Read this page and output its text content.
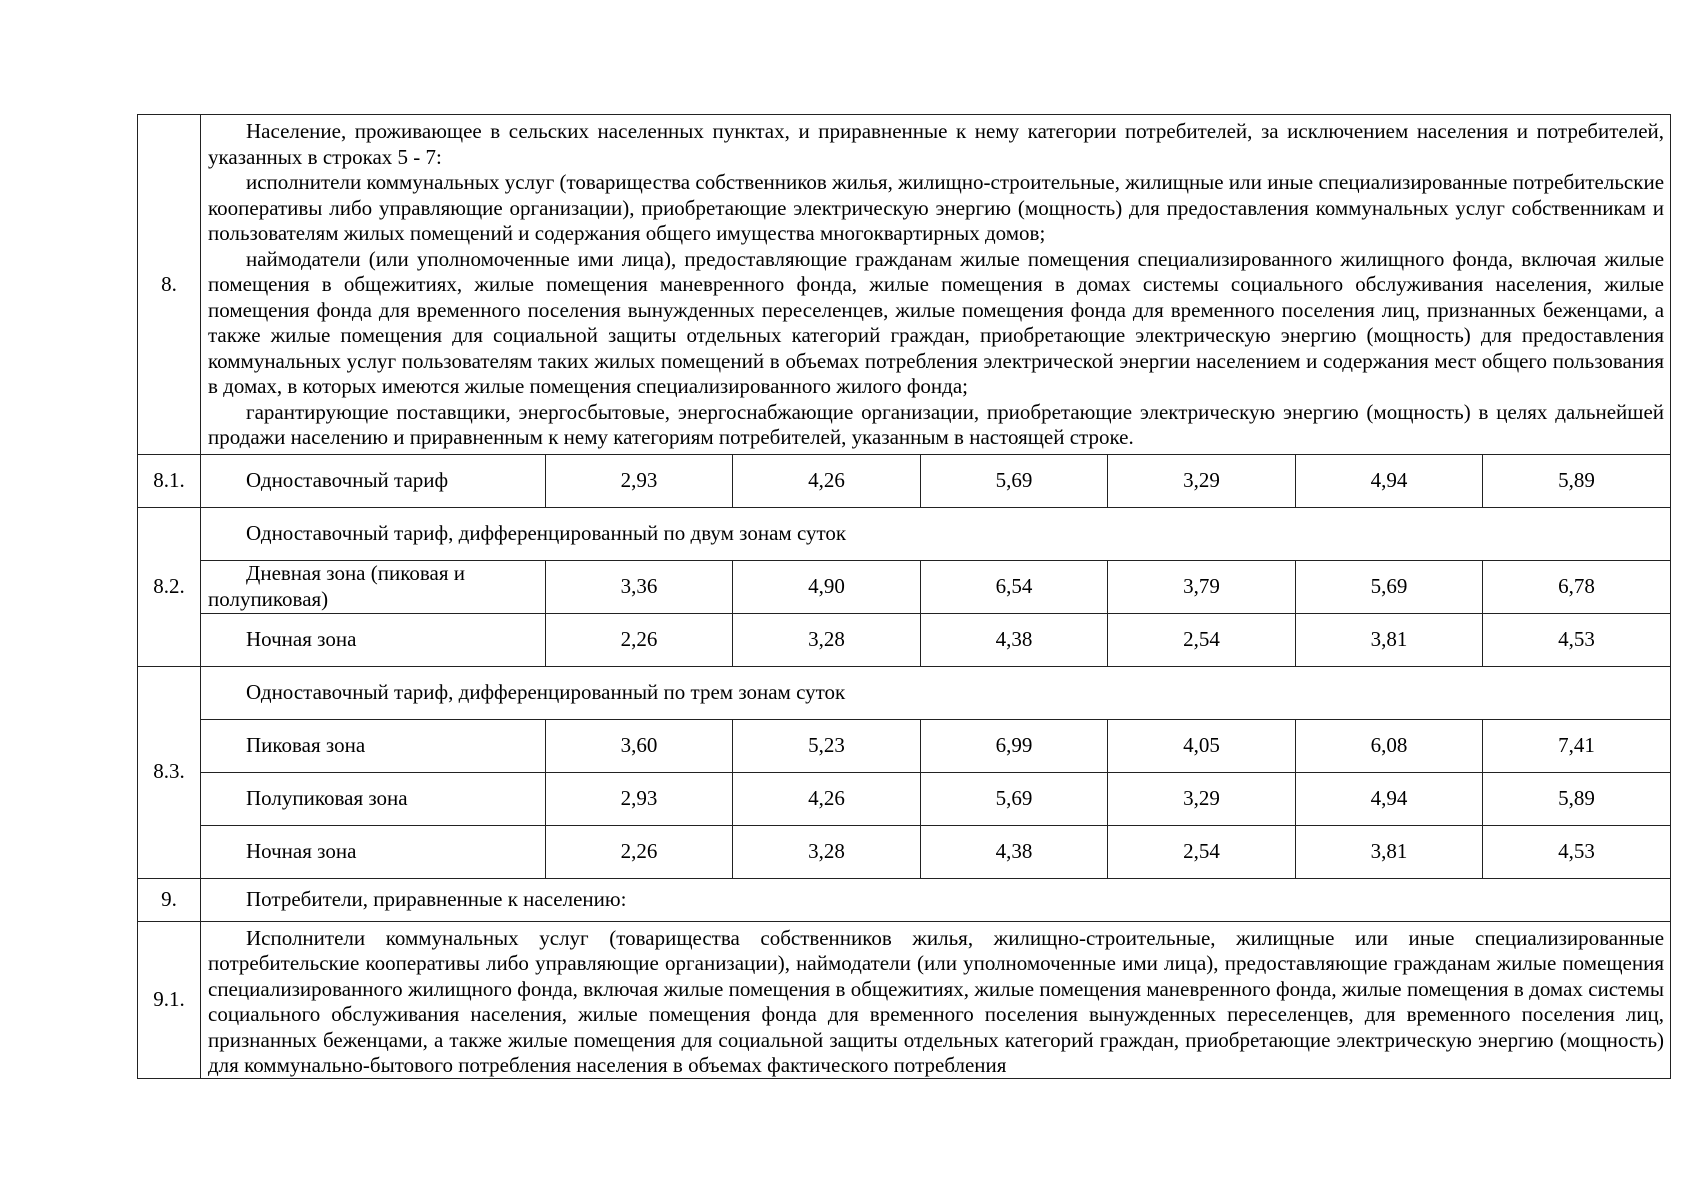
8.	Население, проживающее в сельских населенных пунктах, и приравненные к нему категории потребителей, за исключением населения и потребителей, указанных в строках 5 - 7:

исполнители коммунальных услуг (товарищества собственников жилья, жилищно-строительные, жилищные или иные специализированные потребительские кооперативы либо управляющие организации), приобретающие электрическую энергию (мощность) для предоставления коммунальных услуг собственникам и пользователям жилых помещений и содержания общего имущества многоквартирных домов;

наймодатели (или уполномоченные ими лица), предоставляющие гражданам жилые помещения специализированного жилищного фонда, включая жилые помещения в общежитиях, жилые помещения маневренного фонда, жилые помещения в домах системы социального обслуживания населения, жилые помещения фонда для временного поселения вынужденных переселенцев, жилые помещения фонда для временного поселения лиц, признанных беженцами, а также жилые помещения для социальной защиты отдельных категорий граждан, приобретающие электрическую энергию (мощность) для предоставления коммунальных услуг пользователям таких жилых помещений в объемах потребления электрической энергии населением и содержания мест общего пользования в домах, в которых имеются жилые помещения специализированного жилого фонда;

гарантирующие поставщики, энергосбытовые, энергоснабжающие организации, приобретающие электрическую энергию (мощность) в целях дальнейшей продажи населению и приравненным к нему категориям потребителей, указанным в настоящей строке.						

8.1.	Одноставочный тариф	2,93	4,26	5,69	3,29	4,94	5,89
8.2.	Одноставочный тариф, дифференцированный по двум зонам суток						
	Дневная зона (пиковая и полупиковая)	3,36	4,90	6,54	3,79	5,69	6,78
	Ночная зона	2,26	3,28	4,38	2,54	3,81	4,53
8.3.	Одноставочный тариф, дифференцированный по трем зонам суток						
	Пиковая зона	3,60	5,23	6,99	4,05	6,08	7,41
	Полупиковая зона	2,93	4,26	5,69	3,29	4,94	5,89
	Ночная зона	2,26	3,28	4,38	2,54	3,81	4,53
9.	Потребители, приравненные к населению:						
9.1.	Исполнители коммунальных услуг (товарищества собственников жилья, жилищно-строительные, жилищные или иные специализированные потребительские кооперативы либо управляющие организации), наймодатели (или уполномоченные ими лица), предоставляющие гражданам жилые помещения специализированного жилищного фонда, включая жилые помещения в общежитиях, жилые помещения маневренного фонда, жилые помещения в домах системы социального обслуживания населения, жилые помещения фонда для временного поселения вынужденных переселенцев, для временного поселения лиц, признанных беженцами, а также жилые помещения для социальной защиты отдельных категорий граждан, приобретающие электрическую энергию (мощность) для коммунально-бытового потребления населения в объемах фактического потребления						
